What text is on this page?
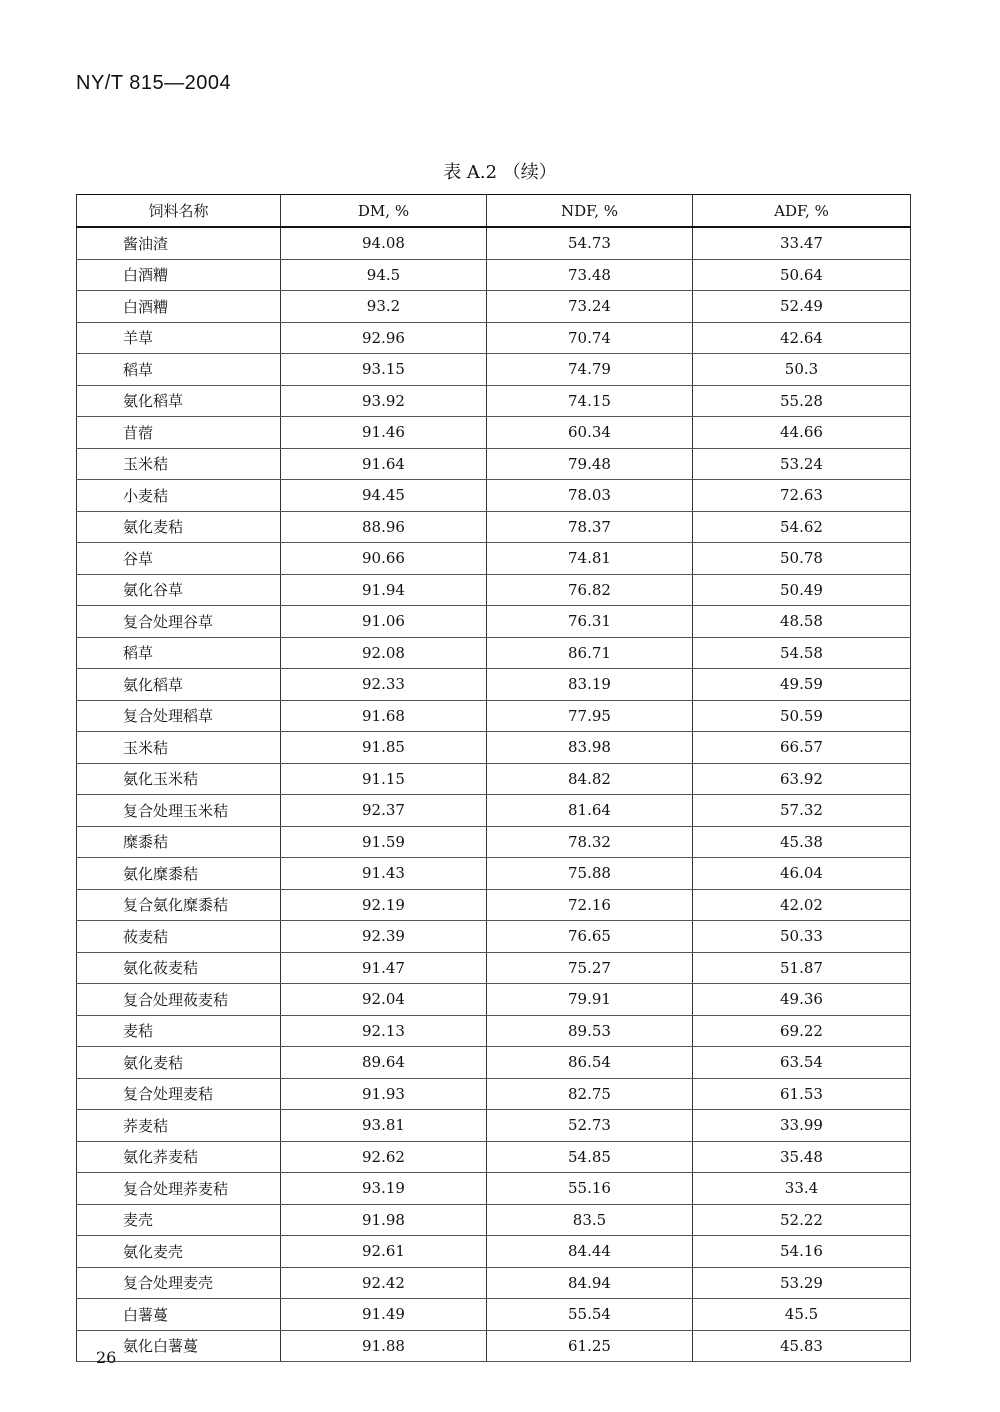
NY/T 815—2004
表 A.2 （续）
饲料名称	DM, %	NDF, %	ADF, %
酱油渣	94.08	54.73	33.47
白酒糟	94.5	73.48	50.64
白酒糟	93.2	73.24	52.49
羊草	92.96	70.74	42.64
稻草	93.15	74.79	50.3
氨化稻草	93.92	74.15	55.28
苜蓿	91.46	60.34	44.66
玉米秸	91.64	79.48	53.24
小麦秸	94.45	78.03	72.63
氨化麦秸	88.96	78.37	54.62
谷草	90.66	74.81	50.78
氨化谷草	91.94	76.82	50.49
复合处理谷草	91.06	76.31	48.58
稻草	92.08	86.71	54.58
氨化稻草	92.33	83.19	49.59
复合处理稻草	91.68	77.95	50.59
玉米秸	91.85	83.98	66.57
氨化玉米秸	91.15	84.82	63.92
复合处理玉米秸	92.37	81.64	57.32
糜黍秸	91.59	78.32	45.38
氨化糜黍秸	91.43	75.88	46.04
复合氨化糜黍秸	92.19	72.16	42.02
莜麦秸	92.39	76.65	50.33
氨化莜麦秸	91.47	75.27	51.87
复合处理莜麦秸	92.04	79.91	49.36
麦秸	92.13	89.53	69.22
氨化麦秸	89.64	86.54	63.54
复合处理麦秸	91.93	82.75	61.53
荞麦秸	93.81	52.73	33.99
氨化荞麦秸	92.62	54.85	35.48
复合处理荞麦秸	93.19	55.16	33.4
麦壳	91.98	83.5	52.22
氨化麦壳	92.61	84.44	54.16
复合处理麦壳	92.42	84.94	53.29
白薯蔓	91.49	55.54	45.5
氨化白薯蔓	91.88	61.25	45.83
26
